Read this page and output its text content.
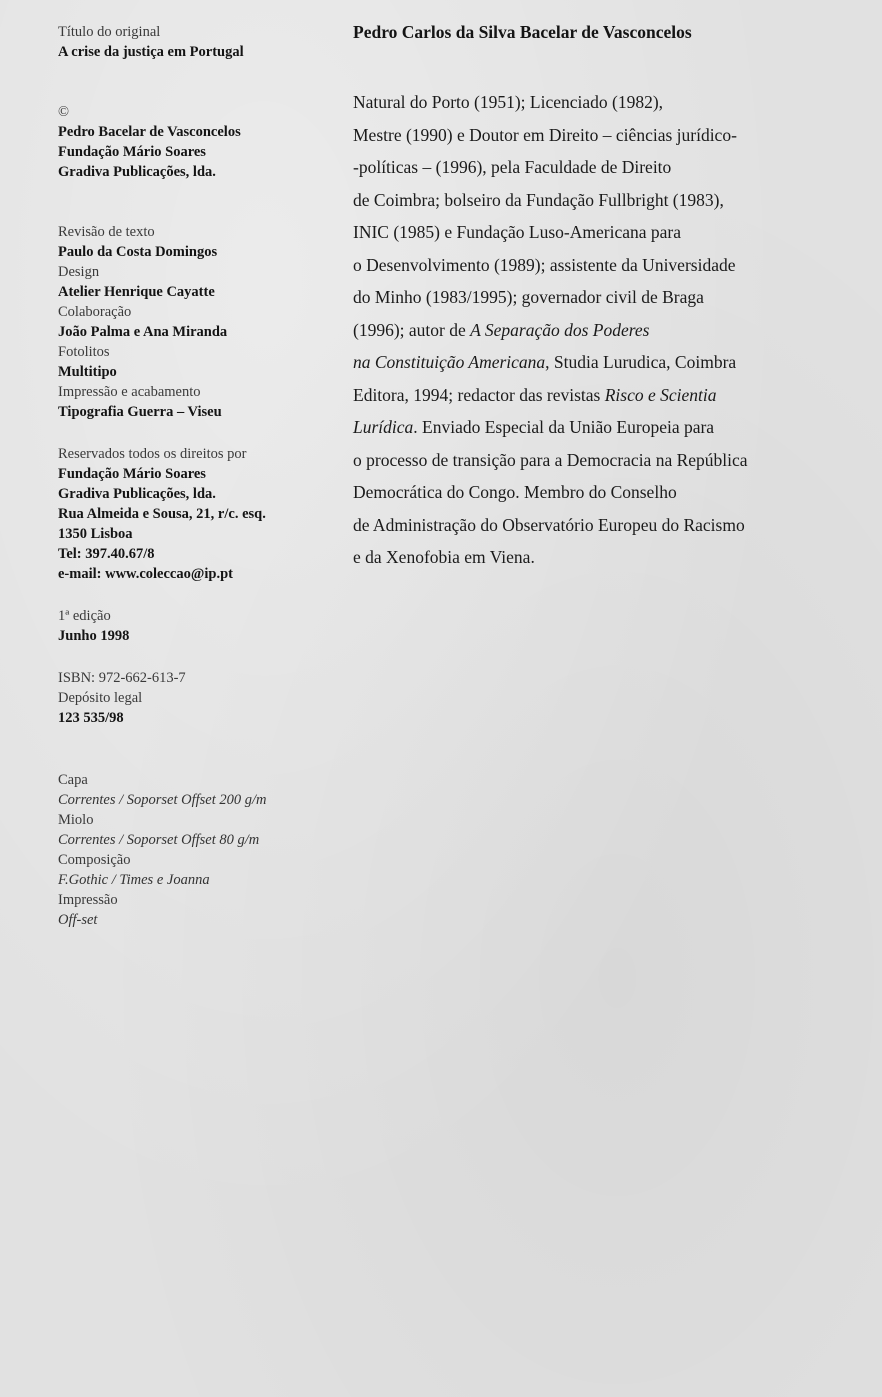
Título do original
A crise da justiça em Portugal
©
Pedro Bacelar de Vasconcelos
Fundação Mário Soares
Gradiva Publicações, lda.
Revisão de texto
Paulo da Costa Domingos
Design
Atelier Henrique Cayatte
Colaboração
João Palma e Ana Miranda
Fotolitos
Multitipo
Impressão e acabamento
Tipografia Guerra – Viseu
Reservados todos os direitos por
Fundação Mário Soares
Gradiva Publicações, lda.
Rua Almeida e Sousa, 21, r/c. esq.
1350 Lisboa
Tel: 397.40.67/8
e-mail: www.coleccao@ip.pt
1ª edição
Junho 1998
ISBN: 972-662-613-7
Depósito legal
123 535/98
Capa
Correntes / Soporset Offset 200 g/m
Miolo
Correntes / Soporset Offset 80 g/m
Composição
F.Gothic / Times e Joanna
Impressão
Off-set
Pedro Carlos da Silva Bacelar de Vasconcelos
Natural do Porto (1951); Licenciado (1982),
Mestre (1990) e Doutor em Direito – ciências jurídico-
-políticas – (1996), pela Faculdade de Direito
de Coimbra; bolseiro da Fundação Fullbright (1983),
INIC (1985) e Fundação Luso-Americana para
o Desenvolvimento (1989); assistente da Universidade
do Minho (1983/1995); governador civil de Braga
(1996); autor de A Separação dos Poderes
na Constituição Americana, Studia Lurudica, Coimbra
Editora, 1994; redactor das revistas Risco e Scientia
Lurídica. Enviado Especial da União Europeia para
o processo de transição para a Democracia na República
Democrática do Congo. Membro do Conselho
de Administração do Observatório Europeu do Racismo
e da Xenofobia em Viena.
